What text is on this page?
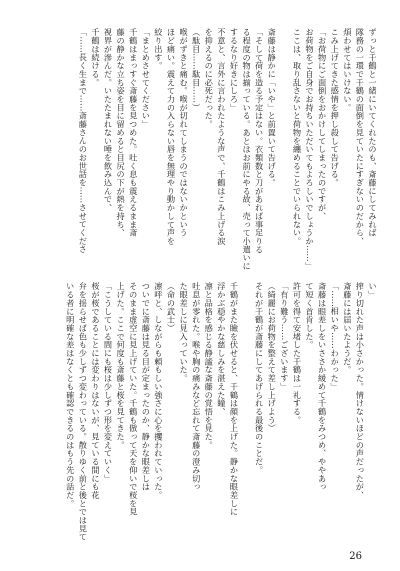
ずっと千鶴と一緒にいてくれたのも、斎藤にしてみれば
隊務の一環で千鶴の面倒を見ていたにすぎないのだから、
煩わせてはいけない。
こみ上げてきた感情を押し殺して告げる。
「お荷物にご面倒をおかけしてしまったのですが、
お荷物をご自身でお持ちいただいてもよろしいでしょうか……」
ここは、取り乱さないと荷物を纏めることでいられない。

斎藤は静かに「いや」と前置いて告げる。
「そして荷を造る予定はない。衣類数と刀があれば事足りる
る程度の物は揃っている。あとはお前にやる故、売って小遣いに
するなり好きにしろ」
不意と、言外に言われたような声で、千鶴はこみ上げる涙
を抑えるのに必死だった。
（駄目……駄目……）
喉がずきと痛む。喉が切れてしまうのではないかという
ほど痛い。震えて力の入らない唇を無理やり動かして声を
絞り出す。
「まとめさせてください」
千鶴はまっすぐ斎藤を見つめた。吐く息も震えるまま斎
藤の静かな立ち姿を目に留めると目尻の下が熱を持ち、
視界が滲んだ。いたたまれない唾を飲み込んで、
千鶴は続ける。
「……長く生まで……斎藤さんのお世話を……させてくださ
い」
搾り切れた声は小さかった。情けないほどの声だったが、
斎藤には届いたようだ。
「……相いや……わかった」
斎藤は眼差しをいささか緩めて千鶴をみつめ、ややあっ
て短く首肯した。
許可を得て安堵した千鶴は一礼する。
「有り難う……ございます」
（綺麗にお荷物を整えて差し上げよう）
それが千鶴が斎藤にしてあげられる最後のことだ。

千鶴がまた瞼を伏せると、千鶴は顔を上げた。静かな眼差しに
浮かぶ穏やかな慈しみを湛えた瞳、
凛と品格を感じる静謐な斎藤の覚悟を見た。
吐息が零れた。喉や胸の痛みなど忘れて斎藤の澄み切っ
た眼差しに見入っていた。
（命の武士）
凛呼と、しながらも頼もしい強さに心を攫われていった。
ついでに斎藤は見る目が定まったのか、静かな眼差しは
そのまま虚空に見上げていた。千鶴も倣って天を仰いで桜を見
上げた。ここで何度も斎藤と桜を見てきた。
「こうしている間にも桜は少しずつ形を変えていく」
桜が桜であることには変わりはないが、見ている間にも花
弁を揺らせば色も少しずつ変わっている。散りゆく前と後とでは見て
いる者に明確な差はなくとも確認できるのはもう先の話だ。
26
